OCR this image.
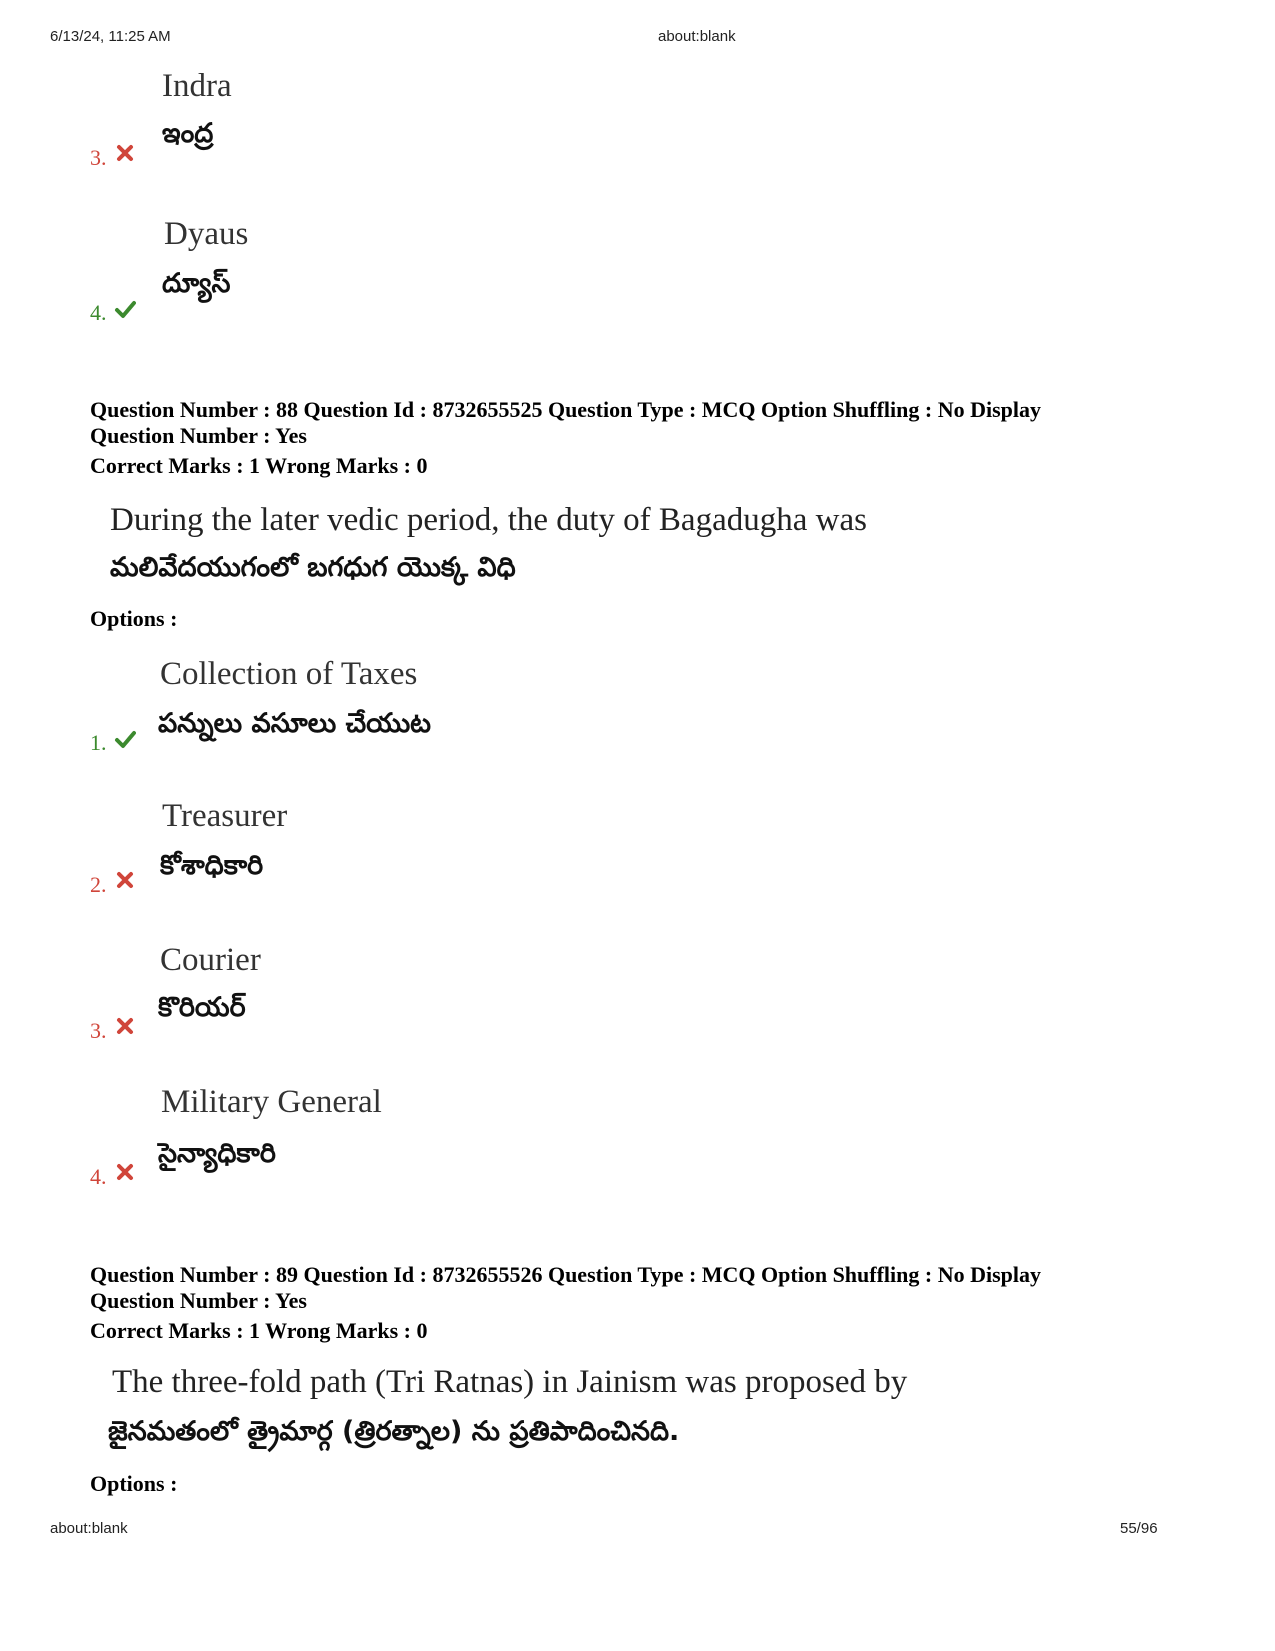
6/13/24, 11:25 AM	about:blank
Indra
ఇంద్ర
3.
Dyaus
ద్యూస్
4.
Question Number : 88 Question Id : 8732655525 Question Type : MCQ Option Shuffling : No Display
Question Number : Yes
Correct Marks : 1 Wrong Marks : 0
During the later vedic period, the duty of Bagadugha was
మలివేదయుగంలో బగధుగ యొక్క విధి
Options :
Collection of Taxes
పన్నులు వసూలు చేయుట
1.
Treasurer
కోశాధికారి
2.
Courier
కొరియర్
3.
Military General
సైన్యాధికారి
4.
Question Number : 89 Question Id : 8732655526 Question Type : MCQ Option Shuffling : No Display
Question Number : Yes
Correct Marks : 1 Wrong Marks : 0
The three-fold path (Tri Ratnas) in Jainism was proposed by
జైనమతంలో త్రైమార్గ (త్రిరత్నాల) ను ప్రతిపాదించినది.
Options :
about:blank	55/96
